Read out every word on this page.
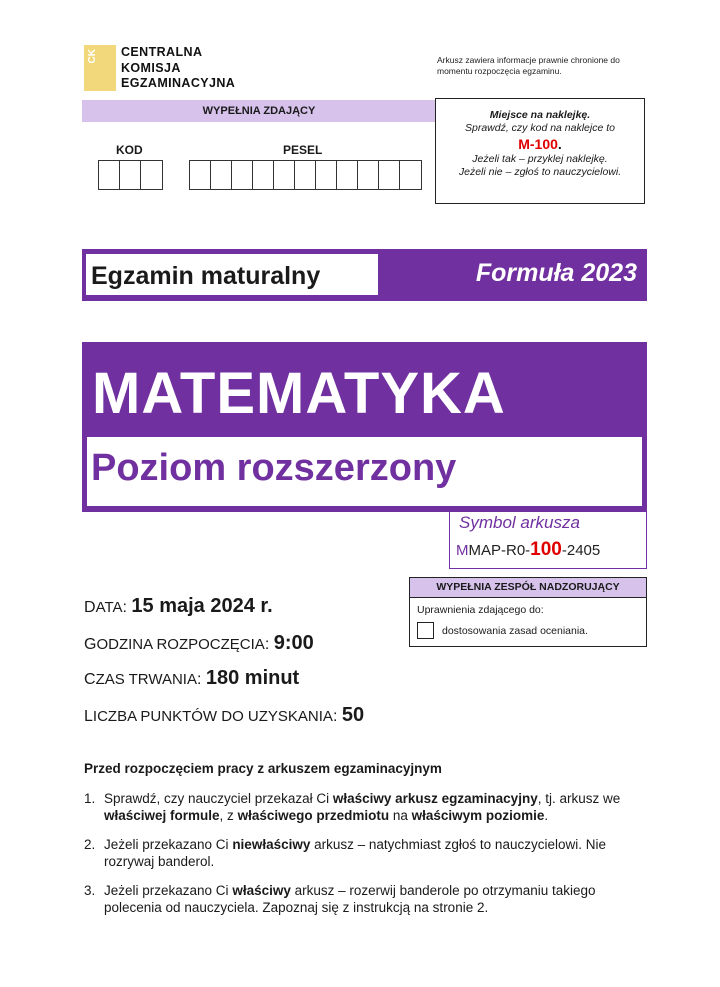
CK CENTRALNA
KOMISJA
EGZAMINACYJNA
Arkusz zawiera informacje prawnie chronione do momentu rozpoczęcia egzaminu.
WYPEŁNIA ZDAJĄCY
KOD	PESEL
Miejsce na naklejkę.
Sprawdź, czy kod na naklejce to
M-100.
Jeżeli tak – przyklej naklejkę.
Jeżeli nie – zgłoś to nauczycielowi.
Egzamin maturalny	Formuła 2023
MATEMATYKA
Poziom rozszerzony
Symbol arkusza
MMAP-R0-100-2405
WYPEŁNIA ZESPÓŁ NADZORUJĄCY
Uprawnienia zdającego do:
dostosowania zasad oceniania.
DATA: 15 maja 2024 r.
GODZINA ROZPOCZĘCIA: 9:00
CZAS TRWANIA: 180 minut
LICZBA PUNKTÓW DO UZYSKANIA: 50
Przed rozpoczęciem pracy z arkuszem egzaminacyjnym
1. Sprawdź, czy nauczyciel przekazał Ci właściwy arkusz egzaminacyjny, tj. arkusz we właściwej formule, z właściwego przedmiotu na właściwym poziomie.
2. Jeżeli przekazano Ci niewłaściwy arkusz – natychmiast zgłoś to nauczycielowi. Nie rozrywaj banderol.
3. Jeżeli przekazano Ci właściwy arkusz – rozerwij banderole po otrzymaniu takiego polecenia od nauczyciela. Zapoznaj się z instrukcją na stronie 2.
